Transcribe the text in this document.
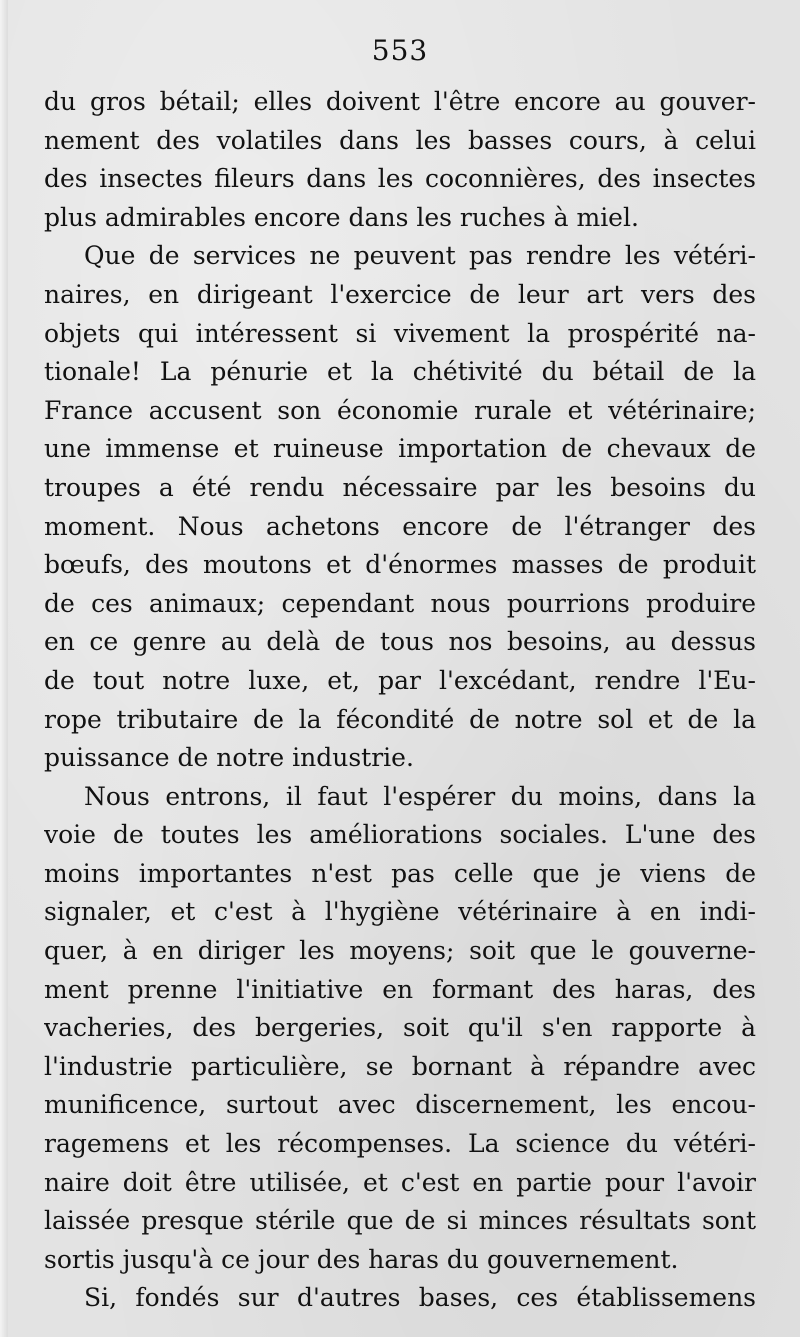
553
du gros bétail; elles doivent l'être encore au gouver-
nement des volatiles dans les basses cours, à celui
des insectes fileurs dans les coconnières, des insectes
plus admirables encore dans les ruches à miel.
Que de services ne peuvent pas rendre les vétéri-
naires, en dirigeant l'exercice de leur art vers des
objets qui intéressent si vivement la prospérité na-
tionale! La pénurie et la chétivité du bétail de la
France accusent son économie rurale et vétérinaire;
une immense et ruineuse importation de chevaux de
troupes a été rendu nécessaire par les besoins du
moment. Nous achetons encore de l'étranger des
bœufs, des moutons et d'énormes masses de produit
de ces animaux; cependant nous pourrions produire
en ce genre au delà de tous nos besoins, au dessus
de tout notre luxe, et, par l'excédant, rendre l'Eu-
rope tributaire de la fécondité de notre sol et de la
puissance de notre industrie.
Nous entrons, il faut l'espérer du moins, dans la
voie de toutes les améliorations sociales. L'une des
moins importantes n'est pas celle que je viens de
signaler, et c'est à l'hygiène vétérinaire à en indi-
quer, à en diriger les moyens; soit que le gouverne-
ment prenne l'initiative en formant des haras, des
vacheries, des bergeries, soit qu'il s'en rapporte à
l'industrie particulière, se bornant à répandre avec
munificence, surtout avec discernement, les encou-
ragemens et les récompenses. La science du vétéri-
naire doit être utilisée, et c'est en partie pour l'avoir
laissée presque stérile que de si minces résultats sont
sortis jusqu'à ce jour des haras du gouvernement.
Si, fondés sur d'autres bases, ces établissemens
